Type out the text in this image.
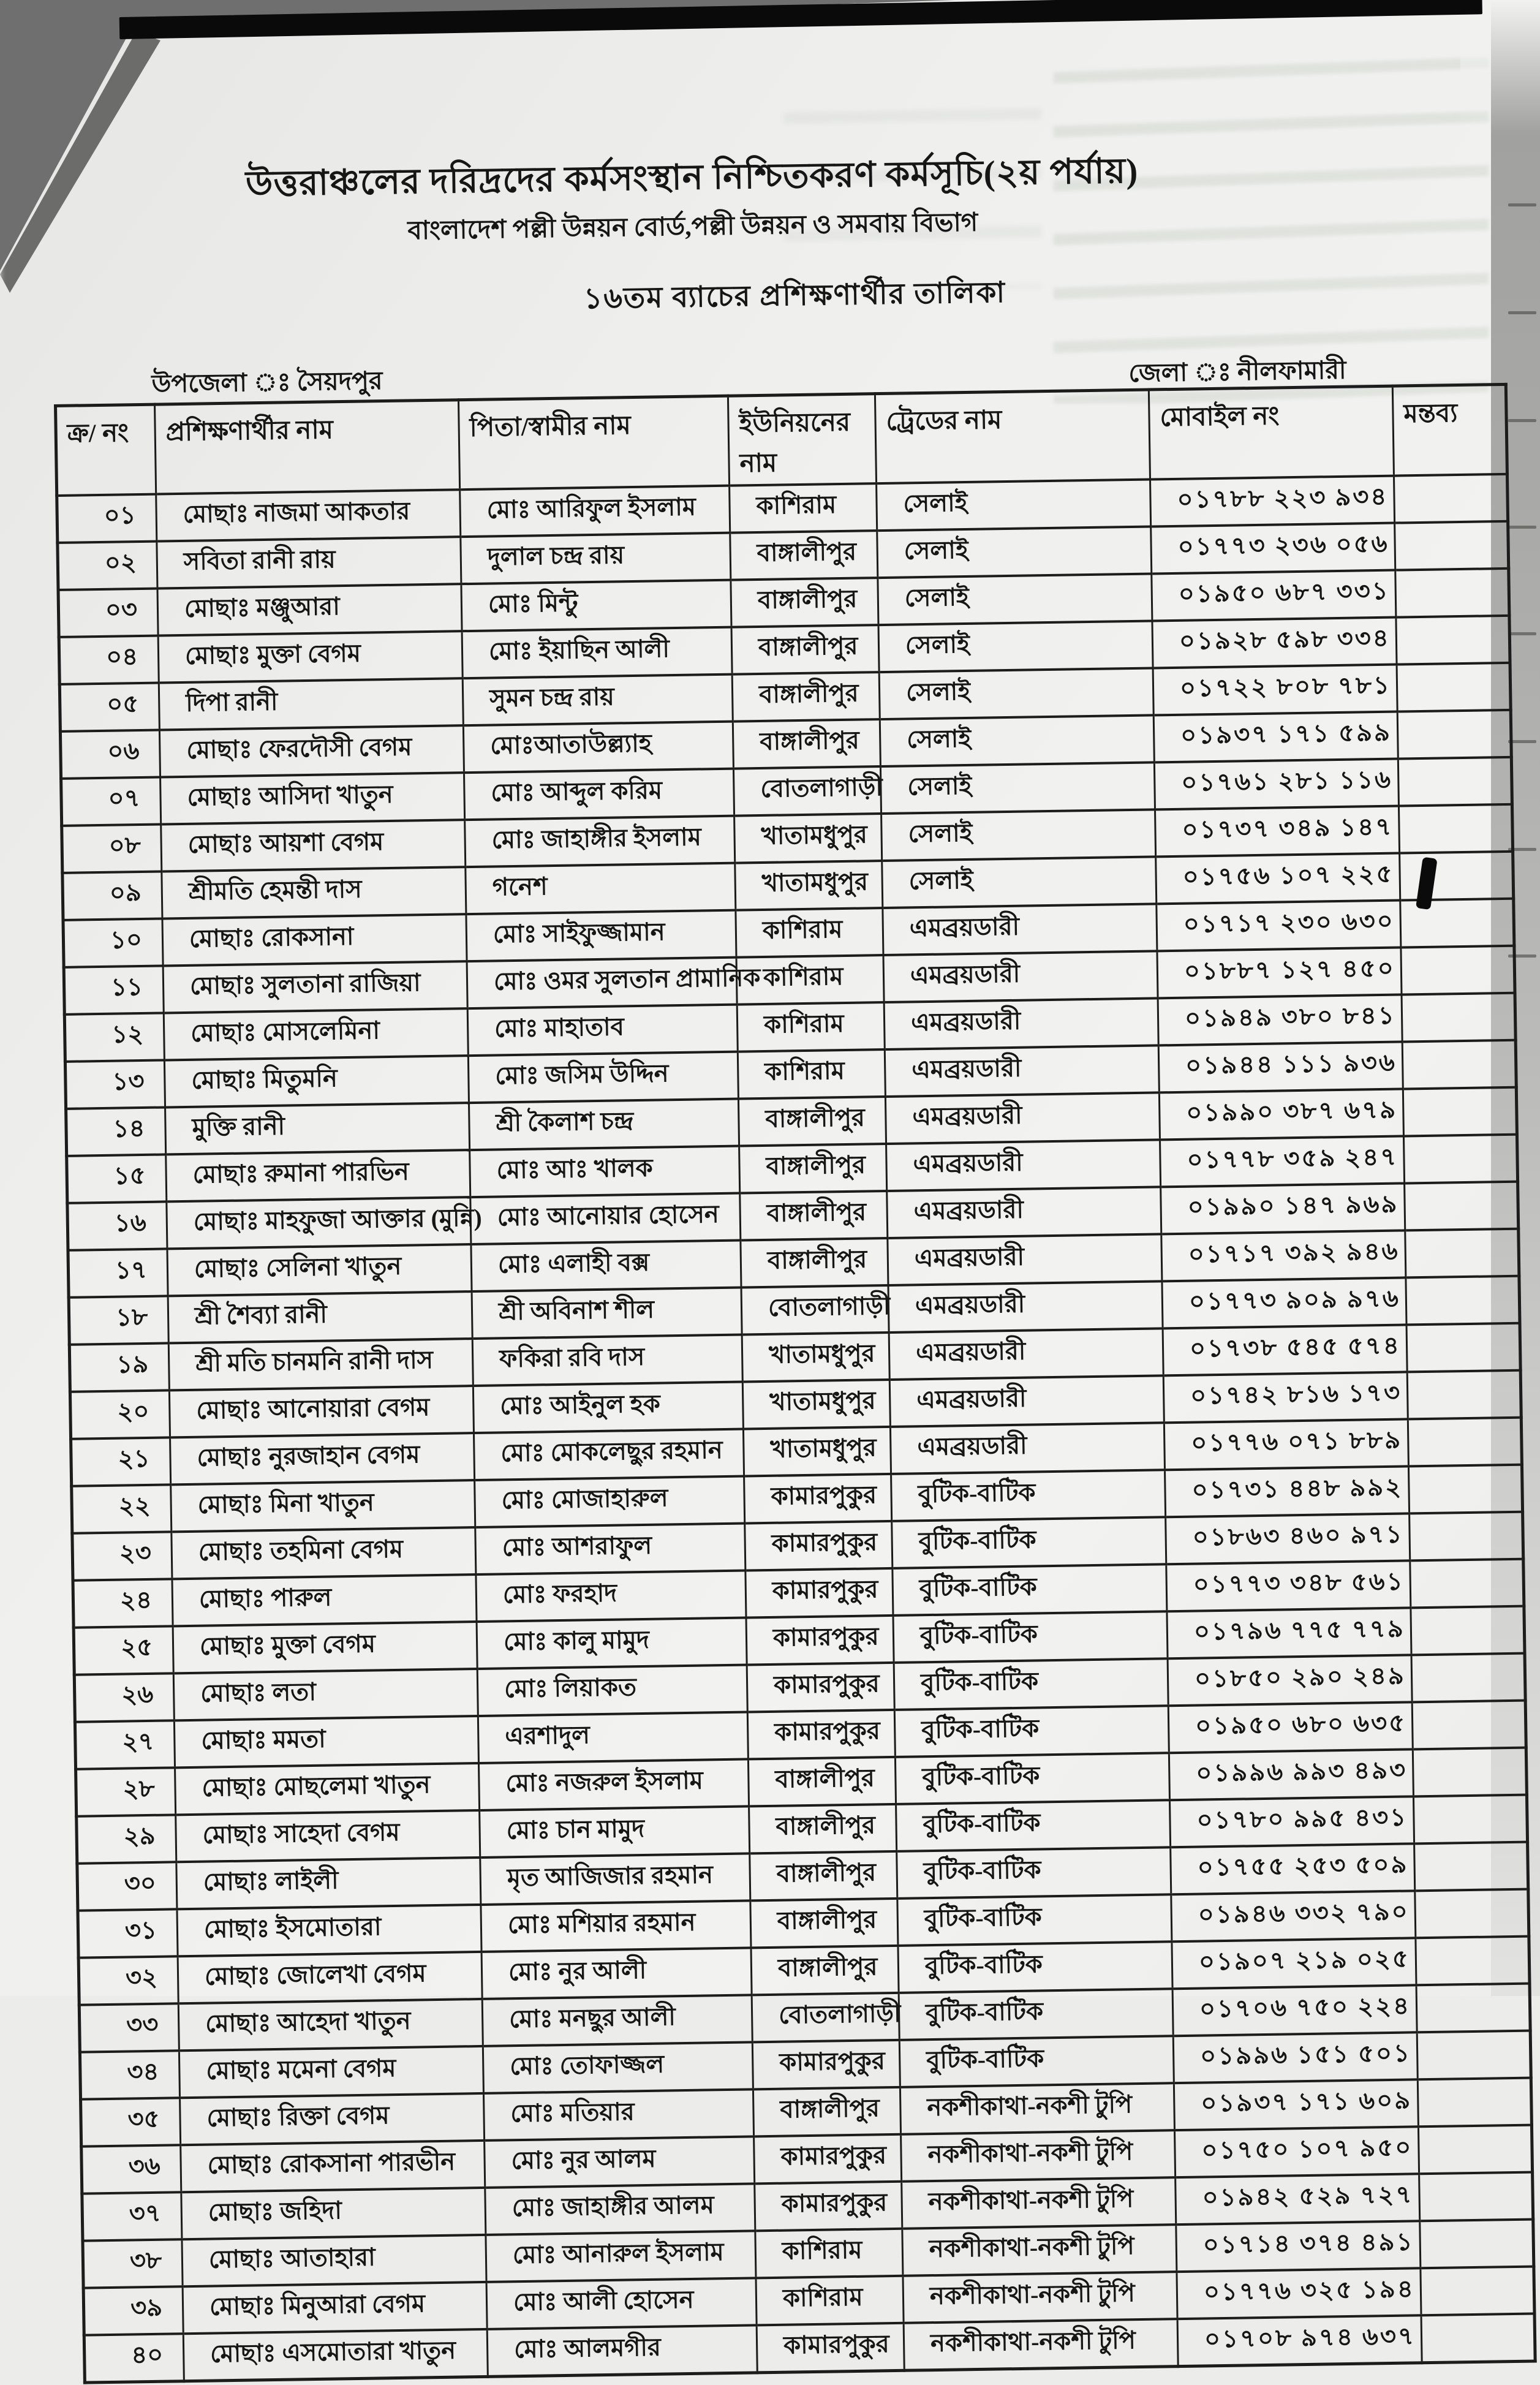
উত্তরাঞ্চলের দরিদ্রদের কর্মসংস্থান নিশ্চিতকরণ কর্মসূচি(২য় পর্যায়)
বাংলাদেশ পল্লী উন্নয়ন বোর্ড,পল্লী উন্নয়ন ও সমবায় বিভাগ
১৬তম ব্যাচের প্রশিক্ষণার্থীর তালিকা
উপজেলা ঃ সৈয়দপুর	জেলা ঃ নীলফামারী
ক্র/ নং	প্রশিক্ষণার্থীর নাম	পিতা/স্বামীর নাম	ইউনিয়নের নাম	ট্রেডের নাম	মোবাইল নং	মন্তব্য
০১	মোছাঃ নাজমা আকতার	মোঃ আরিফুল ইসলাম	কাশিরাম	সেলাই	০১৭৮৮ ২২৩ ৯৩৪	
০২	সবিতা রানী রায়	দুলাল চন্দ্র রায়	বাঙ্গালীপুর	সেলাই	০১৭৭৩ ২৩৬ ০৫৬	
০৩	মোছাঃ মঞ্জুআরা	মোঃ মিন্টু	বাঙ্গালীপুর	সেলাই	০১৯৫০ ৬৮৭ ৩৩১	
০৪	মোছাঃ মুক্তা বেগম	মোঃ ইয়াছিন আলী	বাঙ্গালীপুর	সেলাই	০১৯২৮ ৫৯৮ ৩৩৪	
০৫	দিপা রানী	সুমন চন্দ্র রায়	বাঙ্গালীপুর	সেলাই	০১৭২২ ৮০৮ ৭৮১	
০৬	মোছাঃ ফেরদৌসী বেগম	মোঃআতাউল্ল্যাহ	বাঙ্গালীপুর	সেলাই	০১৯৩৭ ১৭১ ৫৯৯	
০৭	মোছাঃ আসিদা খাতুন	মোঃ আব্দুল করিম	বোতলাগাড়ী	সেলাই	০১৭৬১ ২৮১ ১১৬	
০৮	মোছাঃ আয়শা বেগম	মোঃ জাহাঙ্গীর ইসলাম	খাতামধুপুর	সেলাই	০১৭৩৭ ৩৪৯ ১৪৭	
০৯	শ্রীমতি হেমন্তী দাস	গনেশ	খাতামধুপুর	সেলাই	০১৭৫৬ ১০৭ ২২৫	

১০	মোছাঃ রোকসানা	মোঃ সাইফুজ্জামান	কাশিরাম	এমব্রয়ডারী	০১৭১৭ ২৩০ ৬৩০	
১১	মোছাঃ সুলতানা রাজিয়া	মোঃ ওমর সুলতান প্রামানিক	কাশিরাম	এমব্রয়ডারী	০১৮৮৭ ১২৭ ৪৫০	
১২	মোছাঃ মোসলেমিনা	মোঃ মাহাতাব	কাশিরাম	এমব্রয়ডারী	০১৯৪৯ ৩৮০ ৮৪১	
১৩	মোছাঃ মিতুমনি	মোঃ জসিম উদ্দিন	কাশিরাম	এমব্রয়ডারী	০১৯৪৪ ১১১ ৯৩৬	
১৪	মুক্তি রানী	শ্রী কৈলাশ চন্দ্র	বাঙ্গালীপুর	এমব্রয়ডারী	০১৯৯০ ৩৮৭ ৬৭৯	
১৫	মোছাঃ রুমানা পারভিন	মোঃ আঃ খালক	বাঙ্গালীপুর	এমব্রয়ডারী	০১৭৭৮ ৩৫৯ ২৪৭	
১৬	মোছাঃ মাহফুজা আক্তার (মুন্নি)	মোঃ আনোয়ার হোসেন	বাঙ্গালীপুর	এমব্রয়ডারী	০১৯৯০ ১৪৭ ৯৬৯	
১৭	মোছাঃ সেলিনা খাতুন	মোঃ এলাহী বক্স	বাঙ্গালীপুর	এমব্রয়ডারী	০১৭১৭ ৩৯২ ৯৪৬	
১৮	শ্রী শৈব্যা রানী	শ্রী অবিনাশ শীল	বোতলাগাড়ী	এমব্রয়ডারী	০১৭৭৩ ৯০৯ ৯৭৬	
১৯	শ্রী মতি চানমনি রানী দাস	ফকিরা রবি দাস	খাতামধুপুর	এমব্রয়ডারী	০১৭৩৮ ৫৪৫ ৫৭৪	
২০	মোছাঃ আনোয়ারা বেগম	মোঃ আইনুল হক	খাতামধুপুর	এমব্রয়ডারী	০১৭৪২ ৮১৬ ১৭৩	
২১	মোছাঃ নুরজাহান বেগম	মোঃ মোকলেছুর রহমান	খাতামধুপুর	এমব্রয়ডারী	০১৭৭৬ ০৭১ ৮৮৯	
২২	মোছাঃ মিনা খাতুন	মোঃ মোজাহারুল	কামারপুকুর	বুটিক-বাটিক	০১৭৩১ ৪৪৮ ৯৯২	
২৩	মোছাঃ তহমিনা বেগম	মোঃ আশরাফুল	কামারপুকুর	বুটিক-বাটিক	০১৮৬৩ ৪৬০ ৯৭১	
২৪	মোছাঃ পারুল	মোঃ ফরহাদ	কামারপুকুর	বুটিক-বাটিক	০১৭৭৩ ৩৪৮ ৫৬১	
২৫	মোছাঃ মুক্তা বেগম	মোঃ কালু মামুদ	কামারপুকুর	বুটিক-বাটিক	০১৭৯৬ ৭৭৫ ৭৭৯	
২৬	মোছাঃ লতা	মোঃ লিয়াকত	কামারপুকুর	বুটিক-বাটিক	০১৮৫০ ২৯০ ২৪৯	
২৭	মোছাঃ মমতা	এরশাদুল	কামারপুকুর	বুটিক-বাটিক	০১৯৫০ ৬৮০ ৬৩৫	
২৮	মোছাঃ মোছলেমা খাতুন	মোঃ নজরুল ইসলাম	বাঙ্গালীপুর	বুটিক-বাটিক	০১৯৯৬ ৯৯৩ ৪৯৩	
২৯	মোছাঃ সাহেদা বেগম	মোঃ চান মামুদ	বাঙ্গালীপুর	বুটিক-বাটিক	০১৭৮০ ৯৯৫ ৪৩১	
৩০	মোছাঃ লাইলী	মৃত আজিজার রহমান	বাঙ্গালীপুর	বুটিক-বাটিক	০১৭৫৫ ২৫৩ ৫০৯	
৩১	মোছাঃ ইসমোতারা	মোঃ মশিয়ার রহমান	বাঙ্গালীপুর	বুটিক-বাটিক	০১৯৪৬ ৩৩২ ৭৯০	
৩২	মোছাঃ জোলেখা বেগম	মোঃ নুর আলী	বাঙ্গালীপুর	বুটিক-বাটিক	০১৯০৭ ২১৯ ০২৫	
৩৩	মোছাঃ আহেদা খাতুন	মোঃ মনছুর আলী	বোতলাগাড়ী	বুটিক-বাটিক	০১৭০৬ ৭৫০ ২২৪	
৩৪	মোছাঃ মমেনা বেগম	মোঃ তোফাজ্জল	কামারপুকুর	বুটিক-বাটিক	০১৯৯৬ ১৫১ ৫০১	
৩৫	মোছাঃ রিক্তা বেগম	মোঃ মতিয়ার	বাঙ্গালীপুর	নকশীকাথা-নকশী টুপি	০১৯৩৭ ১৭১ ৬০৯	
৩৬	মোছাঃ রোকসানা পারভীন	মোঃ নুর আলম	কামারপুকুর	নকশীকাথা-নকশী টুপি	০১৭৫০ ১০৭ ৯৫০	
৩৭	মোছাঃ জহিদা	মোঃ জাহাঙ্গীর আলম	কামারপুকুর	নকশীকাথা-নকশী টুপি	০১৯৪২ ৫২৯ ৭২৭	
৩৮	মোছাঃ আতাহারা	মোঃ আনারুল ইসলাম	কাশিরাম	নকশীকাথা-নকশী টুপি	০১৭১৪ ৩৭৪ ৪৯১	
৩৯	মোছাঃ মিনুআরা বেগম	মোঃ আলী হোসেন	কাশিরাম	নকশীকাথা-নকশী টুপি	০১৭৭৬ ৩২৫ ১৯৪	
৪০	মোছাঃ এসমোতারা খাতুন	মোঃ আলমগীর	কামারপুকুর	নকশীকাথা-নকশী টুপি	০১৭০৮ ৯৭৪ ৬৩৭	
